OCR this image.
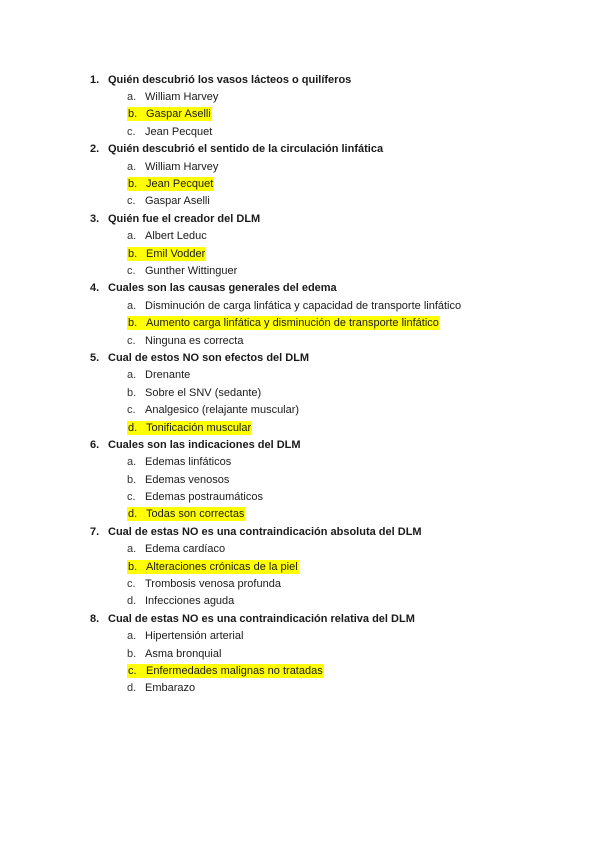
1. Quién descubrió los vasos lácteos o quilíferos
a. William Harvey
b. Gaspar Aselli
c. Jean Pecquet
2. Quién descubrió el sentido de la circulación linfática
a. William Harvey
b. Jean Pecquet
c. Gaspar Aselli
3. Quién fue el creador del DLM
a. Albert Leduc
b. Emil Vodder
c. Gunther Wittinguer
4. Cuales son las causas generales del edema
a. Disminución de carga linfática y capacidad de transporte linfático
b. Aumento carga linfática y disminución de transporte linfático
c. Ninguna es correcta
5. Cual de estos NO son efectos del DLM
a. Drenante
b. Sobre el SNV (sedante)
c. Analgesico (relajante muscular)
d. Tonificación muscular
6. Cuales son las indicaciones del DLM
a. Edemas linfáticos
b. Edemas venosos
c. Edemas postraumáticos
d. Todas son correctas
7. Cual de estas NO es una contraindicación absoluta del DLM
a. Edema cardíaco
b. Alteraciones crónicas de la piel
c. Trombosis venosa profunda
d. Infecciones aguda
8. Cual de estas NO es una contraindicación relativa del DLM
a. Hipertensión arterial
b. Asma bronquial
c. Enfermedades malignas no tratadas
d. Embarazo
